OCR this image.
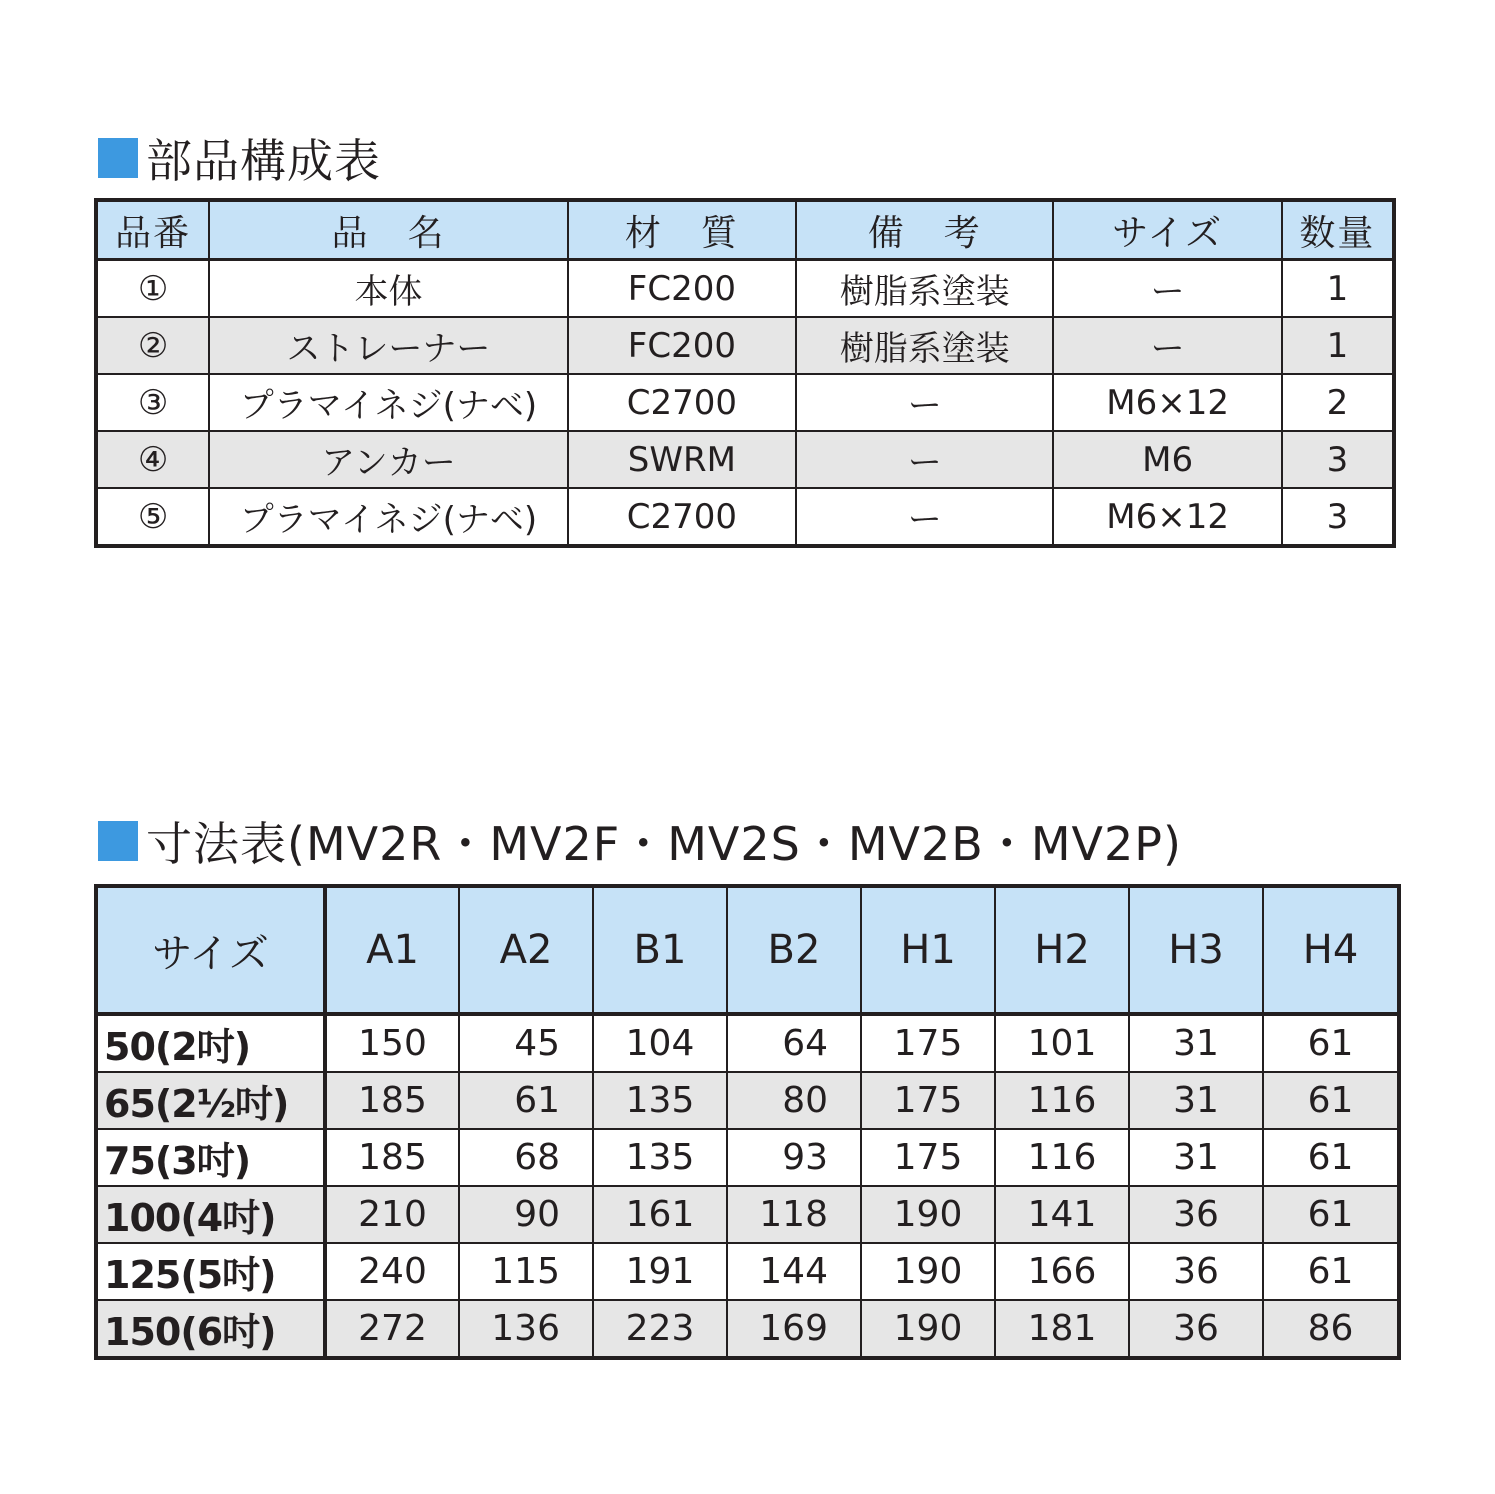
部品構成表
品番	品　名	材　質	備　考	サイズ	数量
①	本体	FC200	樹脂系塗装	ー	1
②	ストレーナー	FC200	樹脂系塗装	ー	1
③	プラマイネジ(ナベ)	C2700	ー	M6×12	2
④	アンカー	SWRM	ー	M6	3
⑤	プラマイネジ(ナベ)	C2700	ー	M6×12	3
寸法表(MV2R・MV2F・MV2S・MV2B・MV2P)
サイズ	A1	A2	B1	B2	H1	H2	H3	H4
50(2吋)	150	45	104	64	175	101	31	61
65(2½吋)	185	61	135	80	175	116	31	61
75(3吋)	185	68	135	93	175	116	31	61
100(4吋)	210	90	161	118	190	141	36	61
125(5吋)	240	115	191	144	190	166	36	61
150(6吋)	272	136	223	169	190	181	36	86
